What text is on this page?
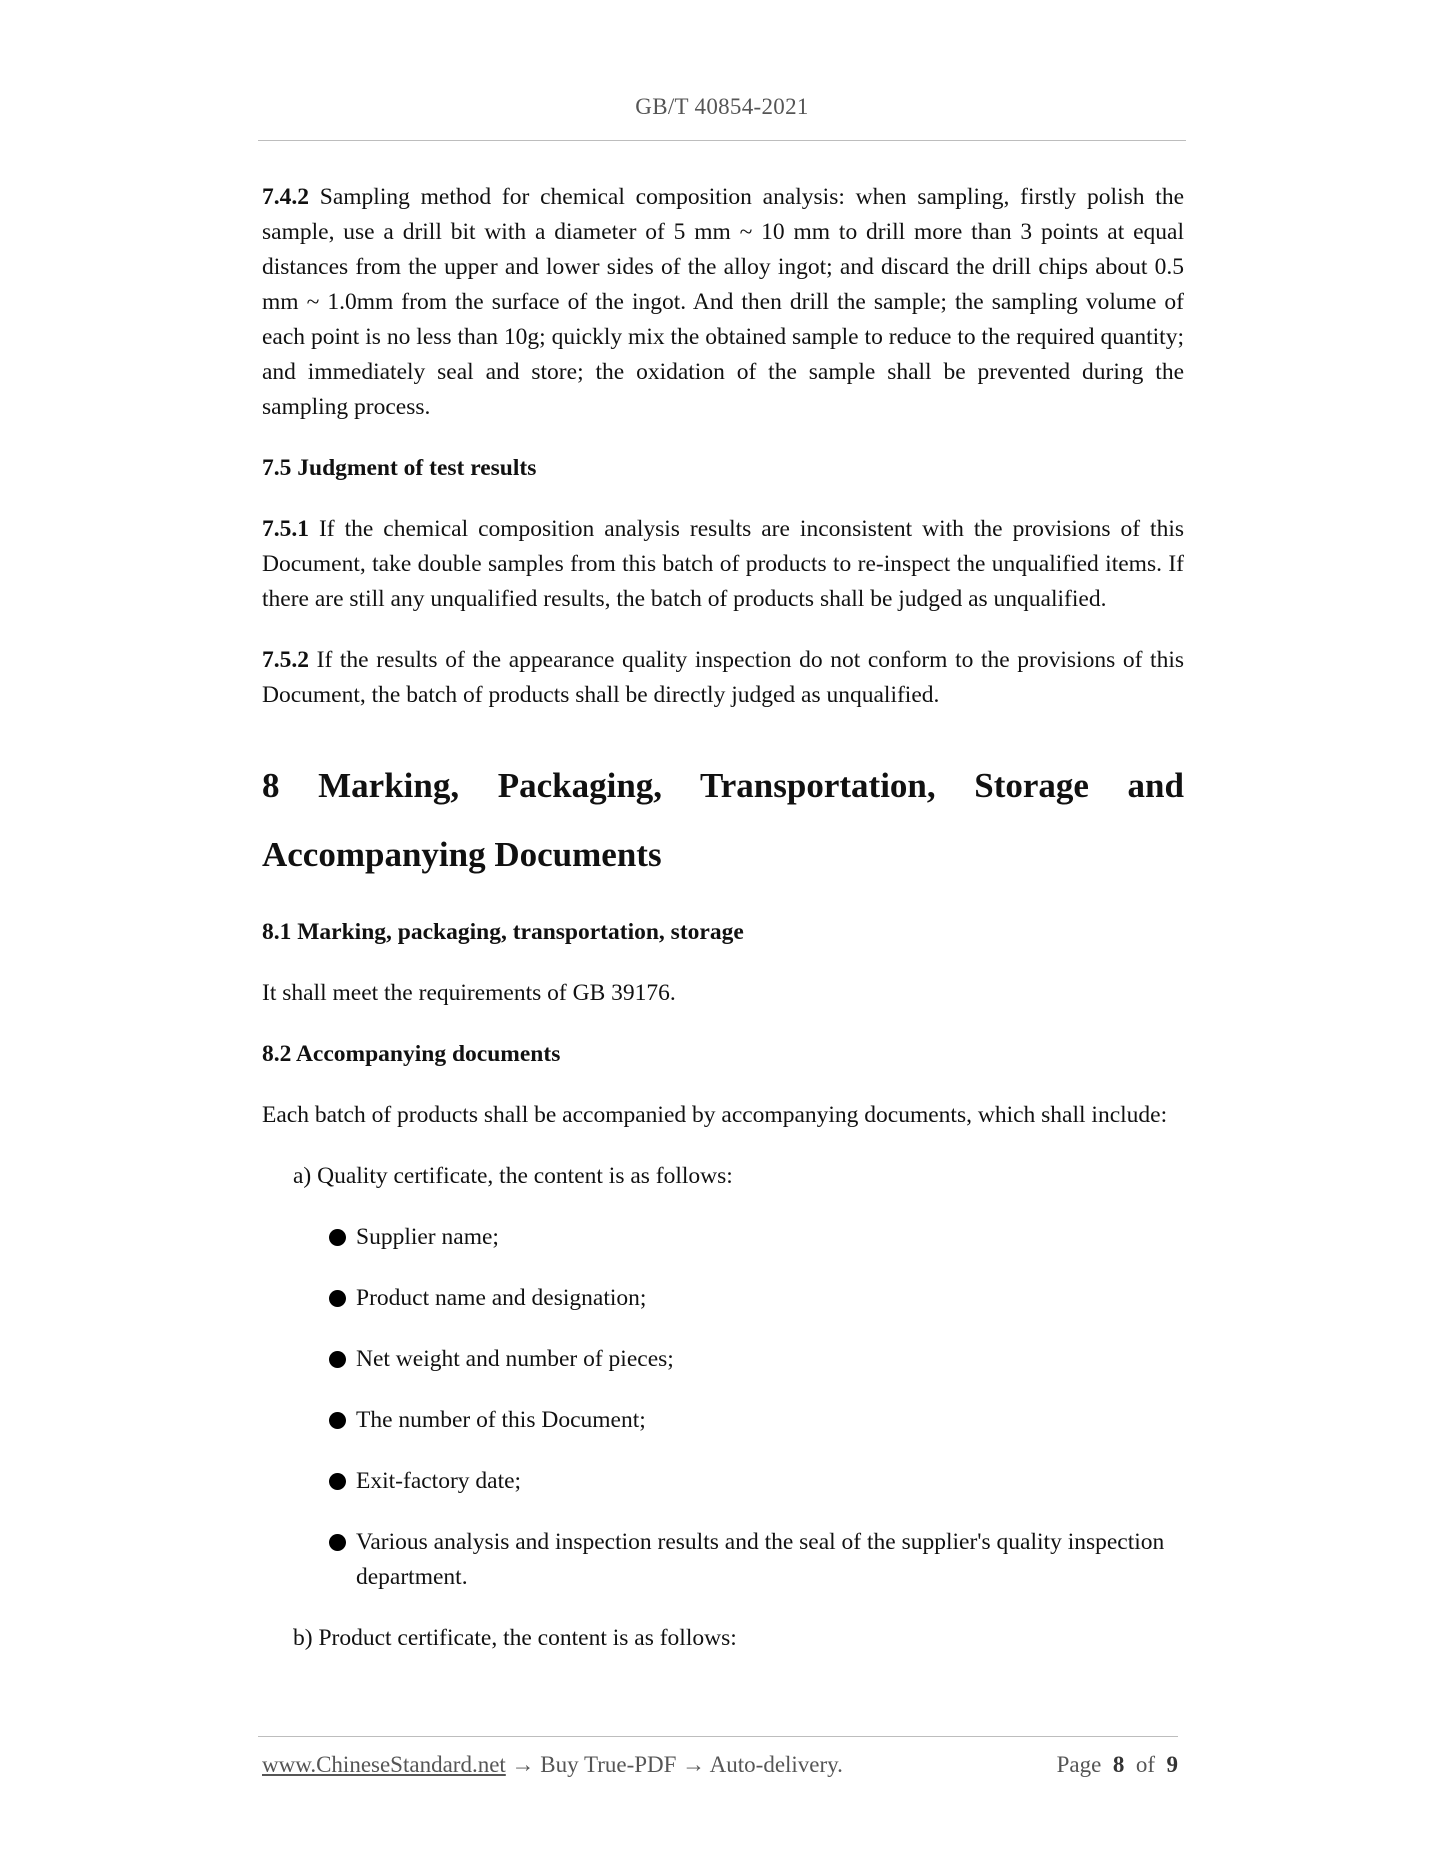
GB/T 40854-2021

7.4.2 Sampling method for chemical composition analysis: when sampling, firstly polish the sample, use a drill bit with a diameter of 5 mm ~ 10 mm to drill more than 3 points at equal distances from the upper and lower sides of the alloy ingot; and discard the drill chips about 0.5 mm ~ 1.0mm from the surface of the ingot. And then drill the sample; the sampling volume of each point is no less than 10g; quickly mix the obtained sample to reduce to the required quantity; and immediately seal and store; the oxidation of the sample shall be prevented during the sampling process.

7.5 Judgment of test results

7.5.1 If the chemical composition analysis results are inconsistent with the provisions of this Document, take double samples from this batch of products to re-inspect the unqualified items. If there are still any unqualified results, the batch of products shall be judged as unqualified.

7.5.2 If the results of the appearance quality inspection do not conform to the provisions of this Document, the batch of products shall be directly judged as unqualified.

8 Marking, Packaging, Transportation, Storage and
Accompanying Documents
8.1 Marking, packaging, transportation, storage

It shall meet the requirements of GB 39176.

8.2 Accompanying documents

Each batch of products shall be accompanied by accompanying documents, which shall include:

a) Quality certificate, the content is as follows:
Supplier name;
Product name and designation;
Net weight and number of pieces;
The number of this Document;
Exit-factory date;
Various analysis and inspection results and the seal of the supplier's quality inspection department.
b) Product certificate, the content is as follows:
www.ChineseStandard.net → Buy True-PDF → Auto-delivery.	Page 8 of 9
